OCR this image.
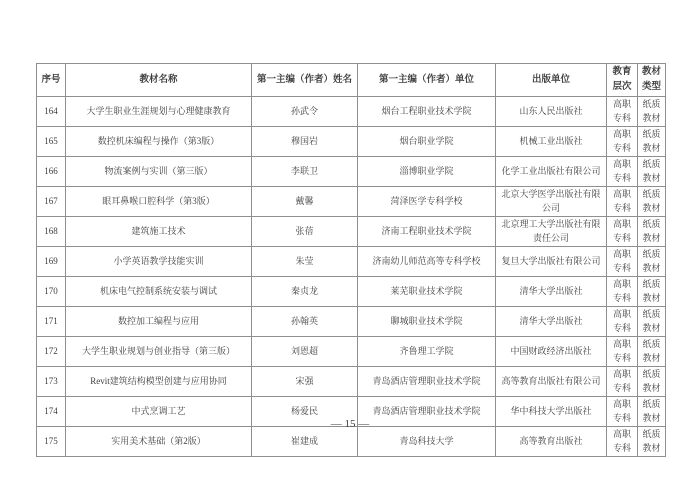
序号	教材名称	第一主编（作者）姓名	第一主编（作者）单位	出版单位	教育层次	教材类型
164	大学生职业生涯规划与心理健康教育	孙武令	烟台工程职业技术学院	山东人民出版社	高职专科	纸质教材
165	数控机床编程与操作（第3版）	穆国岩	烟台职业学院	机械工业出版社	高职专科	纸质教材
166	物流案例与实训（第三版）	李联卫	淄博职业学院	化学工业出版社有限公司	高职专科	纸质教材
167	眼耳鼻喉口腔科学（第3版）	戴馨	菏泽医学专科学校	北京大学医学出版社有限公司	高职专科	纸质教材
168	建筑施工技术	张蓓	济南工程职业技术学院	北京理工大学出版社有限责任公司	高职专科	纸质教材
169	小学英语教学技能实训	朱莹	济南幼儿师范高等专科学校	复旦大学出版社有限公司	高职专科	纸质教材
170	机床电气控制系统安装与调试	秦贞龙	莱芜职业技术学院	清华大学出版社	高职专科	纸质教材
171	数控加工编程与应用	孙翰英	聊城职业技术学院	清华大学出版社	高职专科	纸质教材
172	大学生职业规划与创业指导（第三版）	刘恩超	齐鲁理工学院	中国财政经济出版社	高职专科	纸质教材
173	Revit建筑结构模型创建与应用协同	宋强	青岛酒店管理职业技术学院	高等教育出版社有限公司	高职专科	纸质教材
174	中式烹调工艺	杨爱民	青岛酒店管理职业技术学院	华中科技大学出版社	高职专科	纸质教材
175	实用美术基础（第2版）	崔建成	青岛科技大学	高等教育出版社	高职专科	纸质教材
— 15 —
